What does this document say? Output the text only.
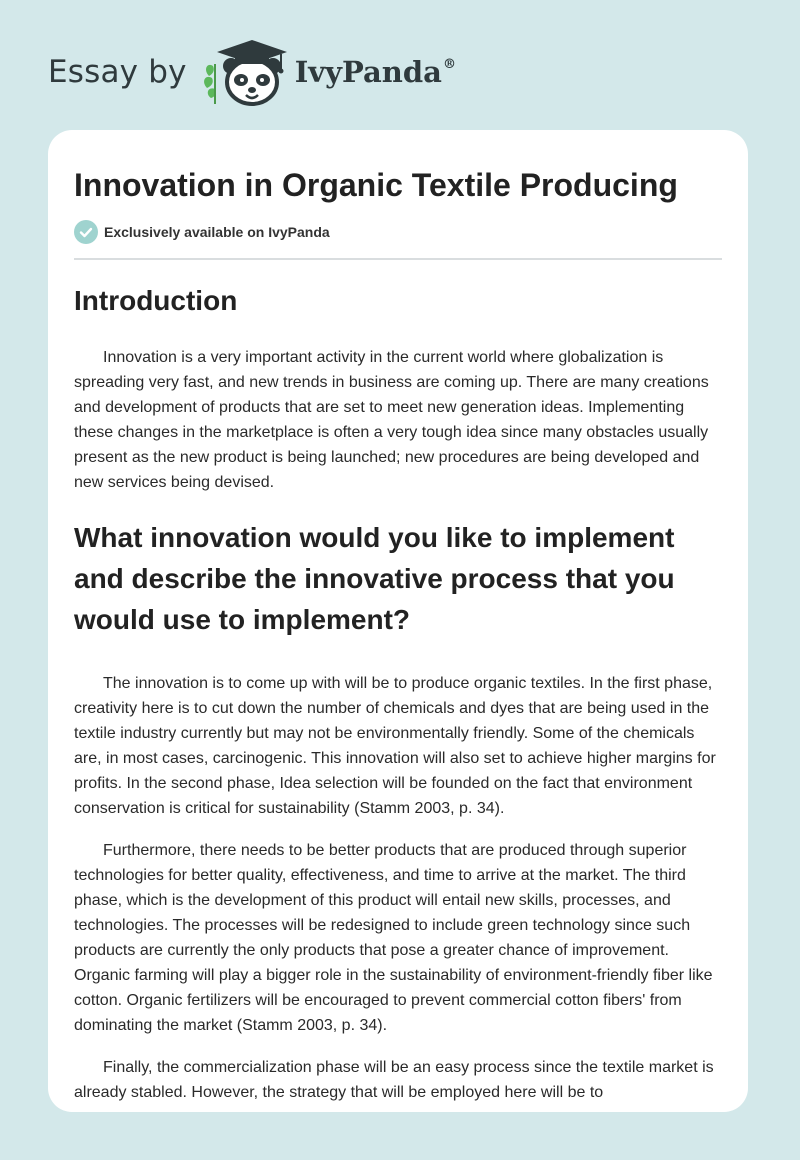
Essay by	IvyPanda®
Innovation in Organic Textile Producing
Exclusively available on IvyPanda
Introduction

Innovation is a very important activity in the current world where globalization is spreading very fast, and new trends in business are coming up. There are many creations and development of products that are set to meet new generation ideas. Implementing these changes in the marketplace is often a very tough idea since many obstacles usually present as the new product is being launched; new procedures are being developed and new services being devised.

What innovation would you like to implement and describe the innovative process that you would use to implement?

The innovation is to come up with will be to produce organic textiles. In the first phase, creativity here is to cut down the number of chemicals and dyes that are being used in the textile industry currently but may not be environmentally friendly. Some of the chemicals are, in most cases, carcinogenic. This innovation will also set to achieve higher margins for profits. In the second phase, Idea selection will be founded on the fact that environment conservation is critical for sustainability (Stamm 2003, p. 34).

Furthermore, there needs to be better products that are produced through superior technologies for better quality, effectiveness, and time to arrive at the market. The third phase, which is the development of this product will entail new skills, processes, and technologies. The processes will be redesigned to include green technology since such products are currently the only products that pose a greater chance of improvement. Organic farming will play a bigger role in the sustainability of environment-friendly fiber like cotton. Organic fertilizers will be encouraged to prevent commercial cotton fibers' from dominating the market (Stamm 2003, p. 34).

Finally, the commercialization phase will be an easy process since the textile market is already stabled. However, the strategy that will be employed here will be to
